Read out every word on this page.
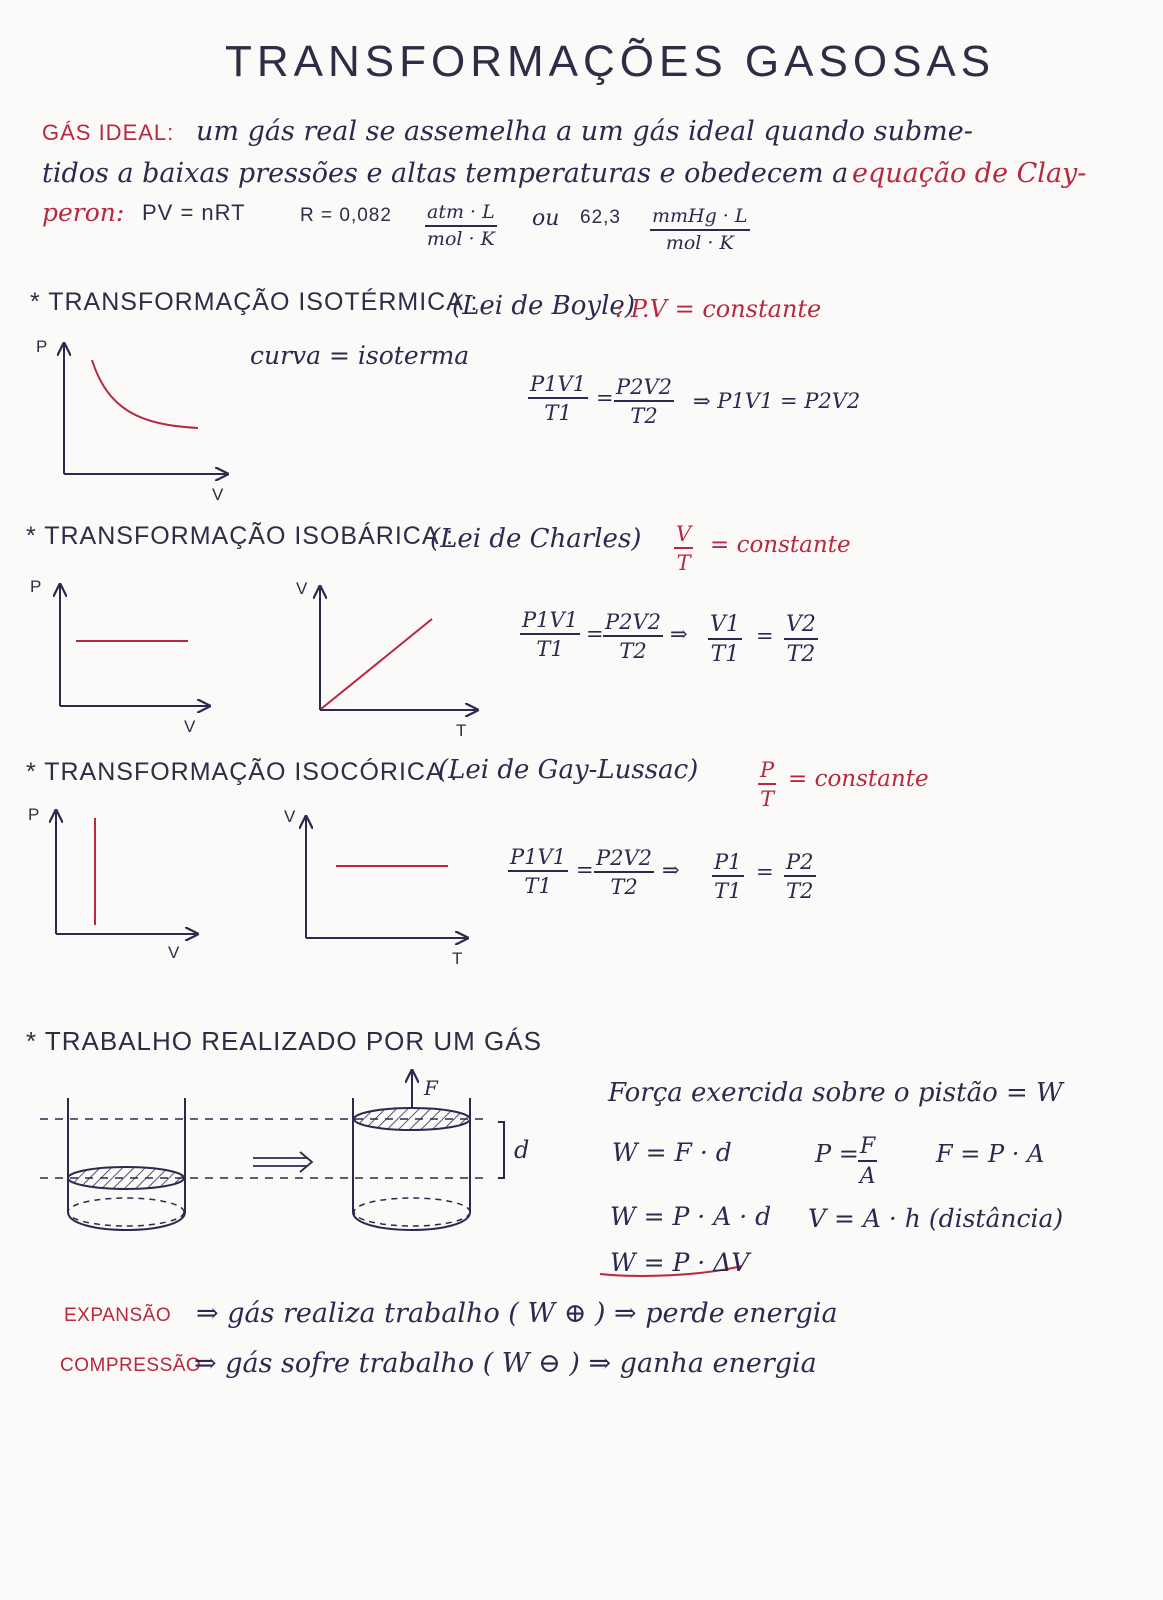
TRANSFORMAÇÕES GASOSAS
GÁS IDEAL: um gás real se assemelha a um gás ideal quando subme-
tidos a baixas pressões e altas temperaturas e obedecem a equação de Clay-
peron: PV = nRT	R = 0,082 atm · L
mol · K
ou 62,3 mmHg · L
mol · K
* TRANSFORMAÇÃO ISOTÉRMICA :
(Lei de Boyle)
: P.V = constante
curva = isoterma
P
V
$\frac{P1V1}{T1} = \frac{P2V2}{T2}$ ⇒ P1V1 = P2V2
* TRANSFORMAÇÃO ISOBÁRICA :
(Lei de Charles) $\frac{V}{T}$ = constante
P
V
V
T
$\frac{P1V1}{T1} = \frac{P2V2}{T2}$ ⇒ $\frac{V1}{T1} = \frac{V2}{T2}$
* TRANSFORMAÇÃO ISOCÓRICA :
(Lei de Gay-Lussac)	$\frac{P}{T}$ = constante
P
V
V
T
$\frac{P1V1}{T1} = \frac{P2V2}{T2}$ ⇒ $\frac{P1}{T1} = \frac{P2}{T2}$
* TRABALHO REALIZADO POR UM GÁS
F
d
Força exercida sobre o pistão = W
W = F · d	$P = \frac{F}{A}$ F = P · A
W = P · A · d V = A · h (distância)
W = P · ΔV
EXPANSÃO ⇒ gás realiza trabalho ( W ⊕ ) ⇒ perde energia
COMPRESSÃO
⇒ gás sofre trabalho ( W ⊖ ) ⇒ ganha energia
